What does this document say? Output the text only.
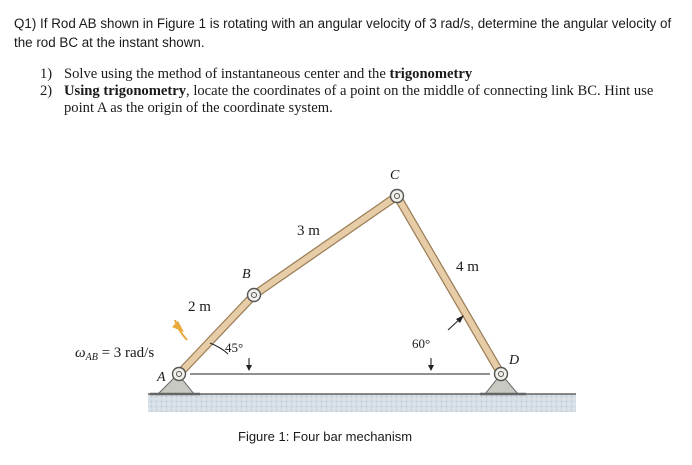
Q1) If Rod AB shown in Figure 1 is rotating with an angular velocity of 3 rad/s, determine the angular velocity of the rod BC at the instant shown.
1) Solve using the method of instantaneous center and the trigonometry
2) Using trigonometry, locate the coordinates of a point on the middle of connecting link BC. Hint use point A as the origin of the coordinate system.
C
B
A
D
3 m
4 m
2 m
45°	60°
$\omega_{AB} = 3$ rad/s
Figure 1: Four bar mechanism
